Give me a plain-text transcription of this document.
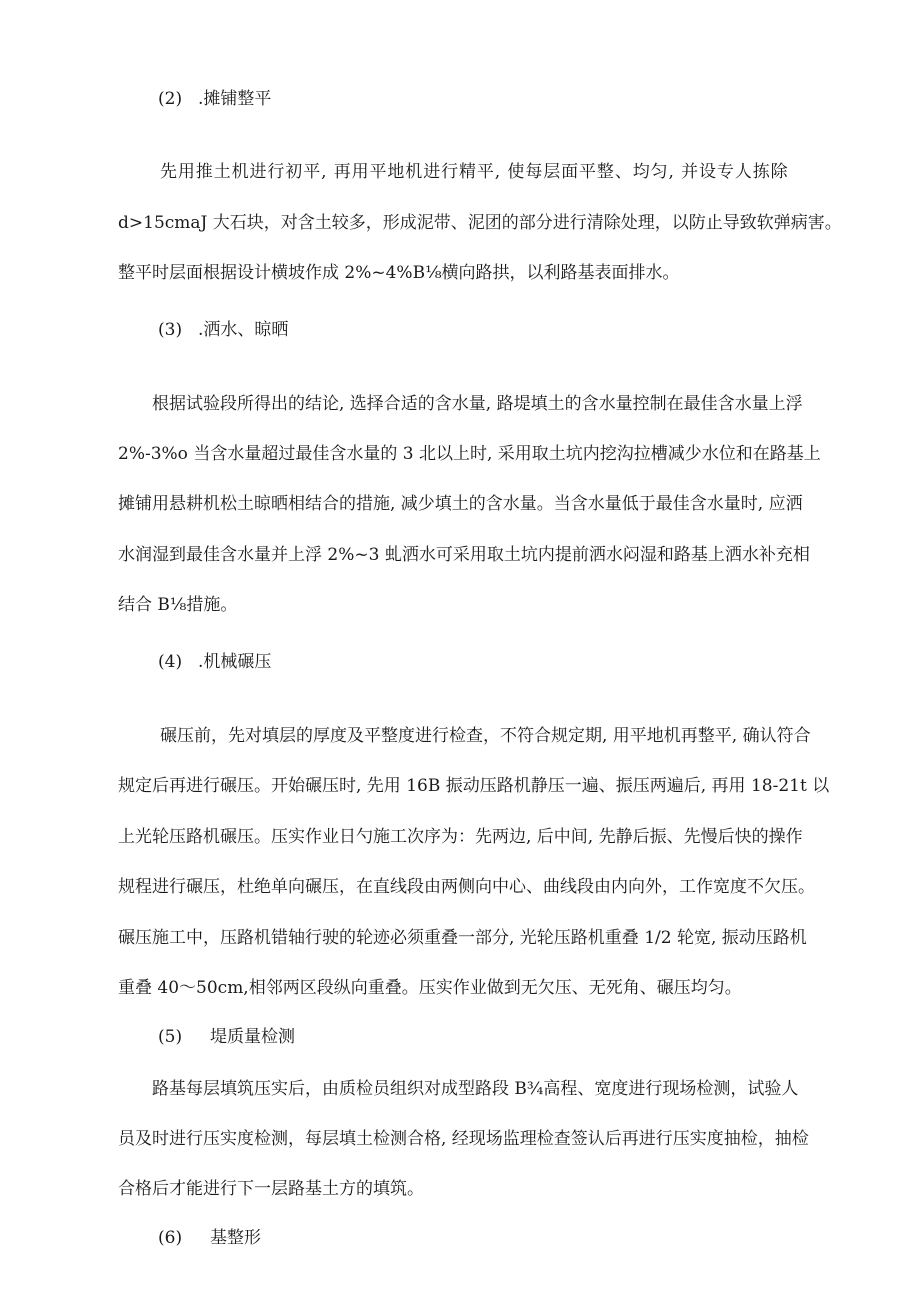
(2) .摊铺整平

先用推土机进行初平, 再用平地机进行精平, 使每层面平整、均匀, 并设专人拣除

d>15cmaJ 大石块，对含土较多，形成泥带、泥团的部分进行清除处理，以防止导致软弹病害。

整平时层面根据设计横坡作成 2%~4%B⅛横向路拱，以利路基表面排水。

(3) .洒水、晾晒

根据试验段所得出的结论, 选择合适的含水量, 路堤填土的含水量控制在最佳含水量上浮

2%-3%o 当含水量超过最佳含水量的 3 北以上时, 采用取土坑内挖沟拉槽减少水位和在路基上

摊铺用悬耕机松土晾晒相结合的措施, 减少填土的含水量。当含水量低于最佳含水量时, 应洒

水润湿到最佳含水量并上浮 2%~3 虬洒水可采用取土坑内提前洒水闷湿和路基上洒水补充相

结合 B⅛措施。

(4) .机械碾压

碾压前，先对填层的厚度及平整度进行检查，不符合规定期, 用平地机再整平, 确认符合

规定后再进行碾压。开始碾压时, 先用 16B 振动压路机静压一遍、振压两遍后, 再用 18-21t 以

上光轮压路机碾压。压实作业日勺施工次序为：先两边, 后中间, 先静后振、先慢后快的操作

规程进行碾压，杜绝单向碾压，在直线段由两侧向中心、曲线段由内向外，工作宽度不欠压。

碾压施工中，压路机错轴行驶的轮迹必须重叠一部分, 光轮压路机重叠 1/2 轮宽, 振动压路机

重叠 40～50cm,相邻两区段纵向重叠。压实作业做到无欠压、无死角、碾压均匀。

(5) 堤质量检测

路基每层填筑压实后，由质检员组织对成型路段 B¾高程、宽度进行现场检测，试验人

员及时进行压实度检测，每层填土检测合格, 经现场监理检查签认后再进行压实度抽检，抽检

合格后才能进行下一层路基土方的填筑。

(6) 基整形
